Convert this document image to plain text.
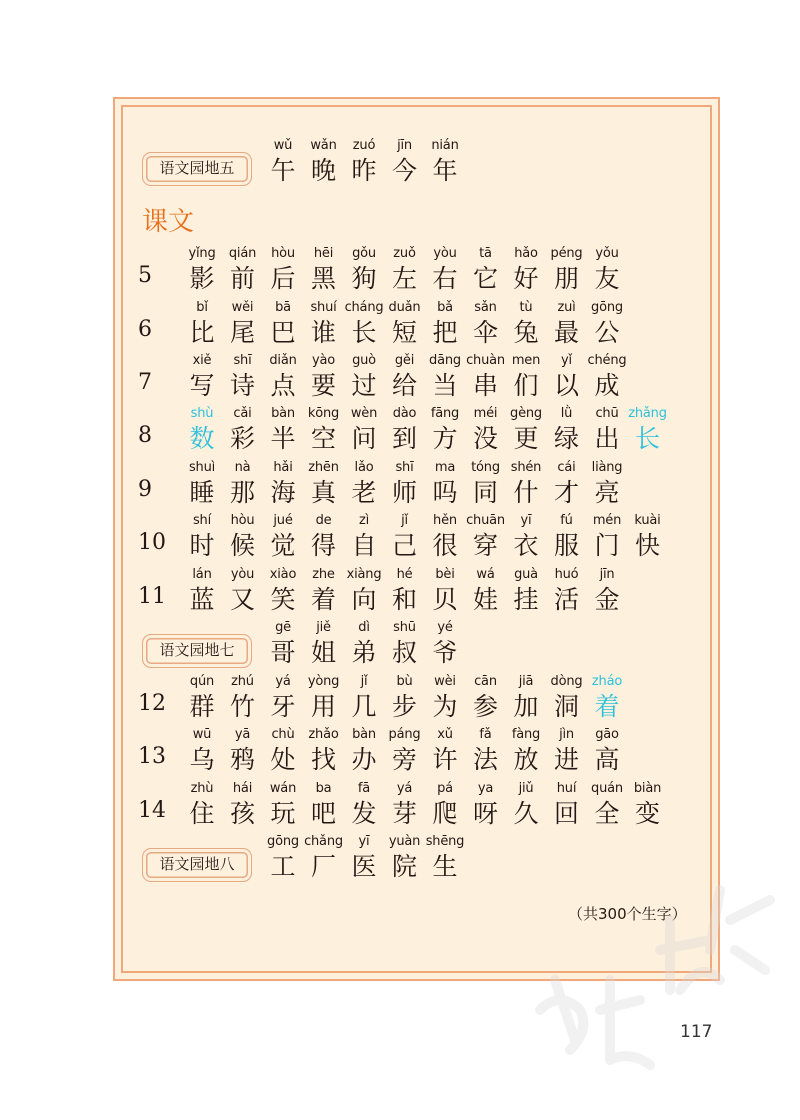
课文
语文园地五
wǔ
午
wǎn
晚
zuó
昨
jīn
今
nián
年
5
yǐng
影
qián
前
hòu
后
hēi
黑
gǒu
狗
zuǒ
左
yòu
右
tā
它
hǎo
好
péng
朋
yǒu
友
6
bǐ
比
wěi
尾
bā
巴
shuí
谁
cháng
长
duǎn
短
bǎ
把
sǎn
伞
tù
兔
zuì
最
gōng
公
7
xiě
写
shī
诗
diǎn
点
yào
要
guò
过
gěi
给
dāng
当
chuàn
串
men
们
yǐ
以
chéng
成
8
shù
数
cǎi
彩
bàn
半
kōng
空
wèn
问
dào
到
fāng
方
méi
没
gèng
更
lǜ
绿
chū
出
zhǎng
长
9
shuì
睡
nà
那
hǎi
海
zhēn
真
lǎo
老
shī
师
ma
吗
tóng
同
shén
什
cái
才
liàng
亮
10
shí
时
hòu
候
jué
觉
de
得
zì
自
jǐ
己
hěn
很
chuān
穿
yī
衣
fú
服
mén
门
kuài
快
11
lán
蓝
yòu
又
xiào
笑
zhe
着
xiàng
向
hé
和
bèi
贝
wá
娃
guà
挂
huó
活
jīn
金
语文园地七
gē
哥
jiě
姐
dì
弟
shū
叔
yé
爷
12
qún
群
zhú
竹
yá
牙
yòng
用
jǐ
几
bù
步
wèi
为
cān
参
jiā
加
dòng
洞
zháo
着
13
wū
乌
yā
鸦
chù
处
zhǎo
找
bàn
办
páng
旁
xǔ
许
fǎ
法
fàng
放
jìn
进
gāo
高
14
zhù
住
hái
孩
wán
玩
ba
吧
fā
发
yá
芽
pá
爬
ya
呀
jiǔ
久
huí
回
quán
全
biàn
变
语文园地八
gōng
工
chǎng
厂
yī
医
yuàn
院
shēng
生
（共300个生字）
117
